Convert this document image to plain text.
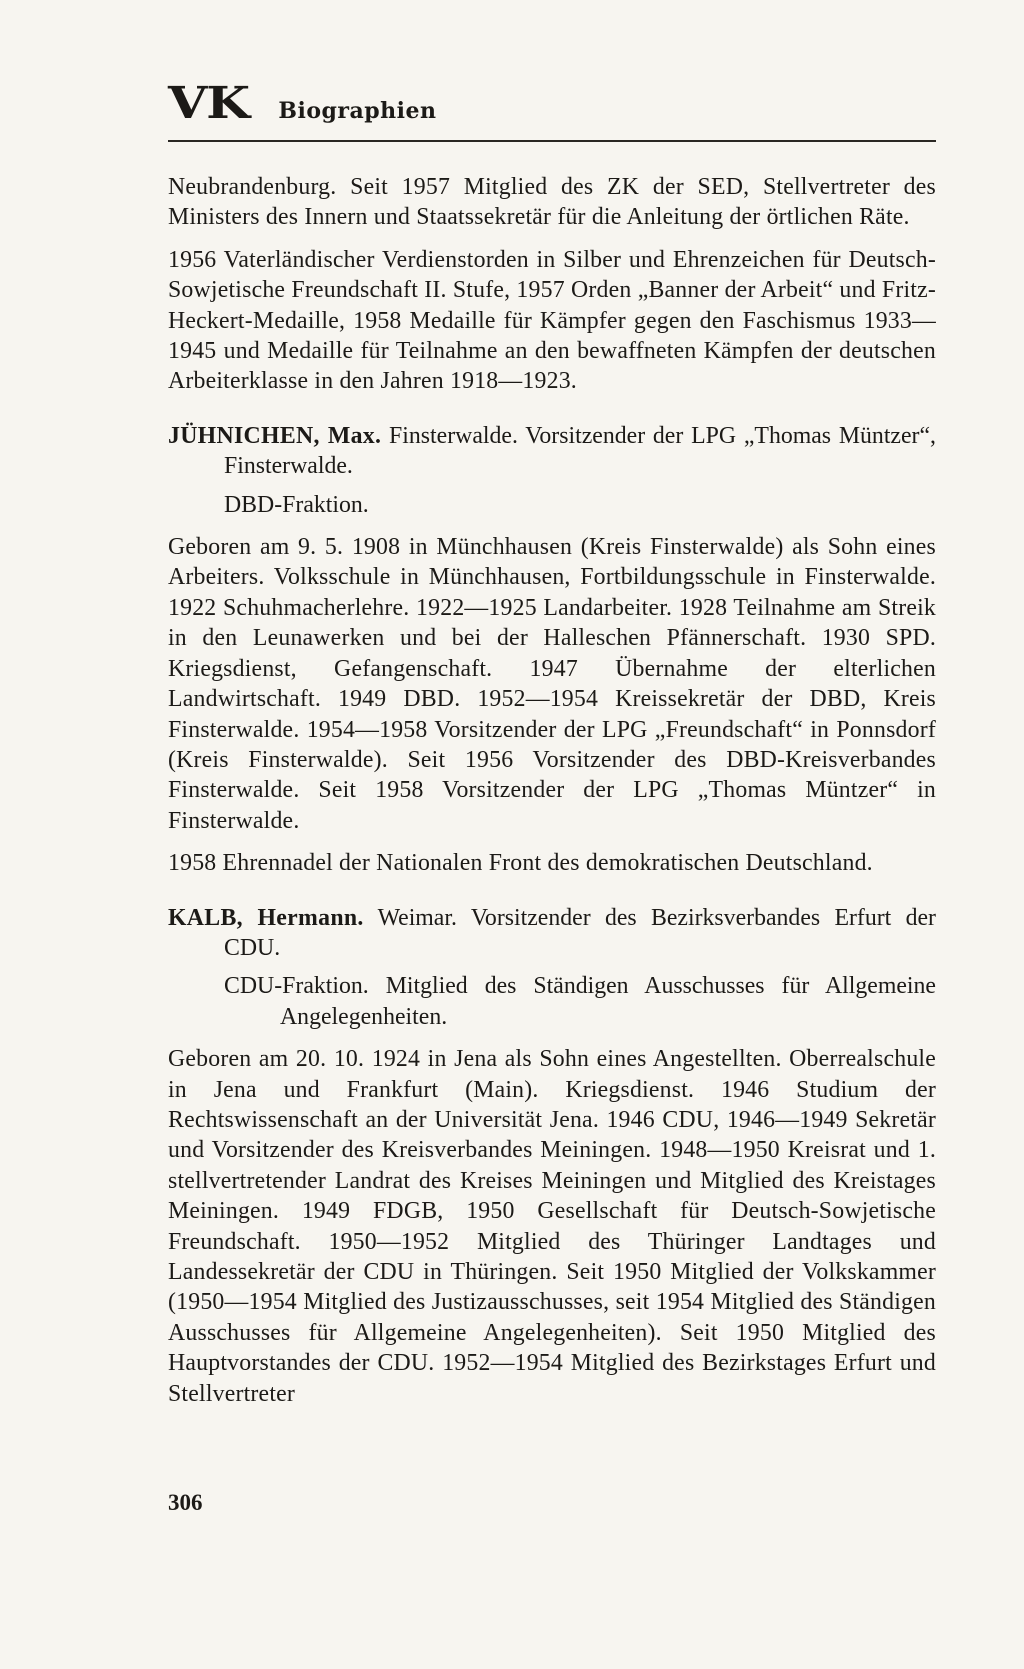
VK Biographien

Neubrandenburg. Seit 1957 Mitglied des ZK der SED, Stellvertreter des Ministers des Innern und Staatssekretär für die Anleitung der örtlichen Räte.

1956 Vaterländischer Verdienstorden in Silber und Ehrenzeichen für Deutsch-Sowjetische Freundschaft II. Stufe, 1957 Orden „Banner der Arbeit“ und Fritz-Heckert-Medaille, 1958 Medaille für Kämpfer gegen den Faschismus 1933—1945 und Medaille für Teilnahme an den bewaffneten Kämpfen der deutschen Arbeiterklasse in den Jahren 1918—1923.

JÜHNICHEN, Max. Finsterwalde. Vorsitzender der LPG „Thomas Müntzer“, Finsterwalde.

DBD-Fraktion.

Geboren am 9. 5. 1908 in Münchhausen (Kreis Finsterwalde) als Sohn eines Arbeiters. Volksschule in Münchhausen, Fortbildungsschule in Finsterwalde. 1922 Schuhmacherlehre. 1922—1925 Landarbeiter. 1928 Teilnahme am Streik in den Leunawerken und bei der Halleschen Pfännerschaft. 1930 SPD. Kriegsdienst, Gefangenschaft. 1947 Übernahme der elterlichen Landwirtschaft. 1949 DBD. 1952—1954 Kreissekretär der DBD, Kreis Finsterwalde. 1954—1958 Vorsitzender der LPG „Freundschaft“ in Ponnsdorf (Kreis Finsterwalde). Seit 1956 Vorsitzender des DBD-Kreisverbandes Finsterwalde. Seit 1958 Vorsitzender der LPG „Thomas Müntzer“ in Finsterwalde.

1958 Ehrennadel der Nationalen Front des demokratischen Deutschland.

KALB, Hermann. Weimar. Vorsitzender des Bezirksverbandes Erfurt der CDU.

CDU-Fraktion. Mitglied des Ständigen Ausschusses für Allgemeine Angelegenheiten.

Geboren am 20. 10. 1924 in Jena als Sohn eines Angestellten. Oberrealschule in Jena und Frankfurt (Main). Kriegsdienst. 1946 Studium der Rechtswissenschaft an der Universität Jena. 1946 CDU, 1946—1949 Sekretär und Vorsitzender des Kreisverbandes Meiningen. 1948—1950 Kreisrat und 1. stellvertretender Landrat des Kreises Meiningen und Mitglied des Kreistages Meiningen. 1949 FDGB, 1950 Gesellschaft für Deutsch-Sowjetische Freundschaft. 1950—1952 Mitglied des Thüringer Landtages und Landessekretär der CDU in Thüringen. Seit 1950 Mitglied der Volkskammer (1950—1954 Mitglied des Justizausschusses, seit 1954 Mitglied des Ständigen Ausschusses für Allgemeine Angelegenheiten). Seit 1950 Mitglied des Hauptvorstandes der CDU. 1952—1954 Mitglied des Bezirkstages Erfurt und Stellvertreter

306
